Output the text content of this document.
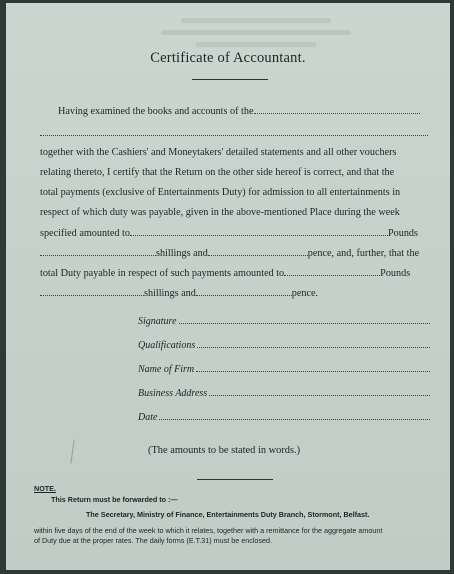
Certificate of Accountant.
Having examined the books and accounts of the
together with the Cashiers' and Moneytakers' detailed statements and all other vouchers
relating thereto, I certify that the Return on the other side hereof is correct, and that the
total payments (exclusive of Entertainments Duty) for admission to all entertainments in
respect of which duty was payable, given in the above-mentioned Place during the week
specified amounted to	Pounds
shillings and	pence, and, further, that the
total Duty payable in respect of such payments amounted to	Pounds
shillings and	pence.
Signature
Qualifications
Name of Firm
Business Address
Date
(The amounts to be stated in words.)
NOTE.
This Return must be forwarded to :—
The Secretary, Ministry of Finance, Entertainments Duty Branch, Stormont, Belfast.
within five days of the end of the week to which it relates, together with a remittance for the aggregate amount
of Duty due at the proper rates. The daily forms (E.T.31) must be enclosed.
